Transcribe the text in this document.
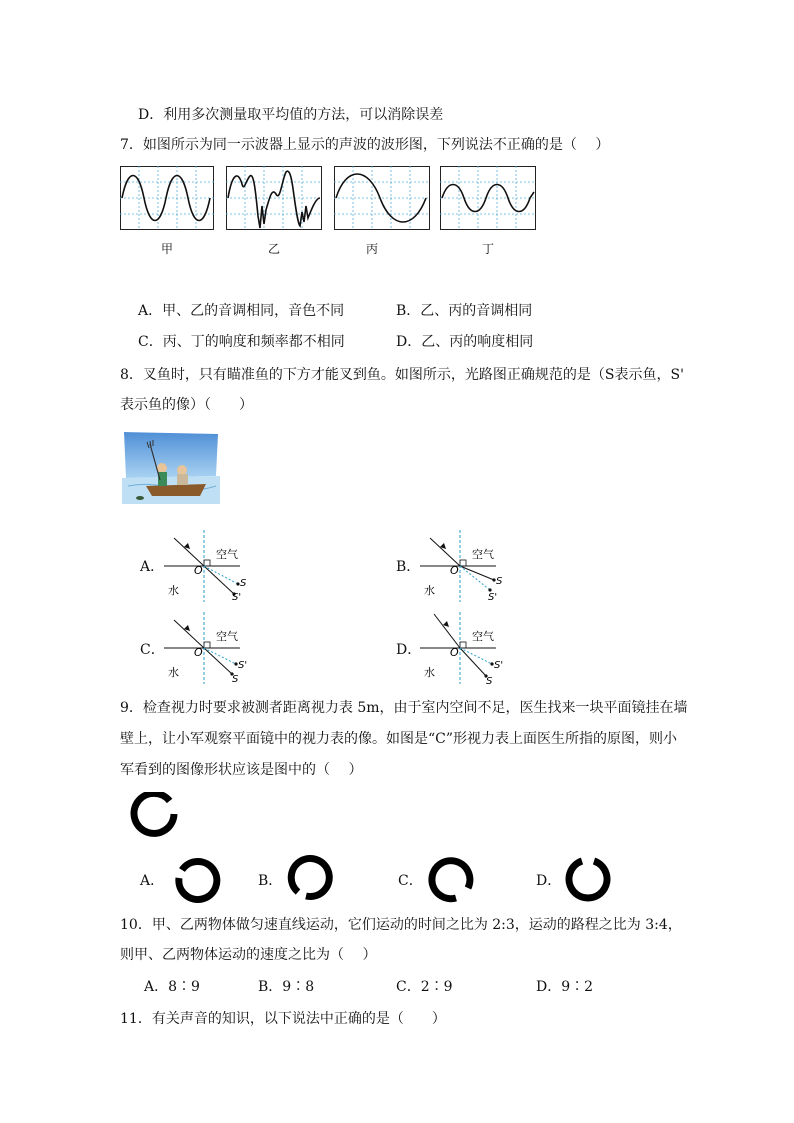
D．利用多次测量取平均值的方法，可以消除误差
7．如图所示为同一示波器上显示的声波的波形图，下列说法不正确的是（　 ）
甲	乙	丙	丁
A．甲、乙的音调相同，音色不同	B．乙、丙的音调相同
C．丙、丁的响度和频率都不相同	D．乙、丙的响度相同
8．叉鱼时，只有瞄准鱼的下方才能叉到鱼。如图所示，光路图正确规范的是（S表示鱼，S'
表示鱼的像）（　　）
A．
空气
O
S
S'
水
B．
空气
O
S
S'
水
C．
空气
O
S'
S
水
D．
空气
O
S'
S
水
9．检查视力时要求被测者距离视力表 5m，由于室内空间不足，医生找来一块平面镜挂在墙
壁上，让小军观察平面镜中的视力表的像。如图是“C”形视力表上面医生所指的原图，则小
军看到的图像形状应该是图中的（　 ）
A．	B．	C．	D．
10．甲、乙两物体做匀速直线运动，它们运动的时间之比为 2:3，运动的路程之比为 3:4，
则甲、乙两物体运动的速度之比为（　 ）
A．8∶9	B．9∶8	C．2∶9	D．9∶2
11．有关声音的知识，以下说法中正确的是（　　）
